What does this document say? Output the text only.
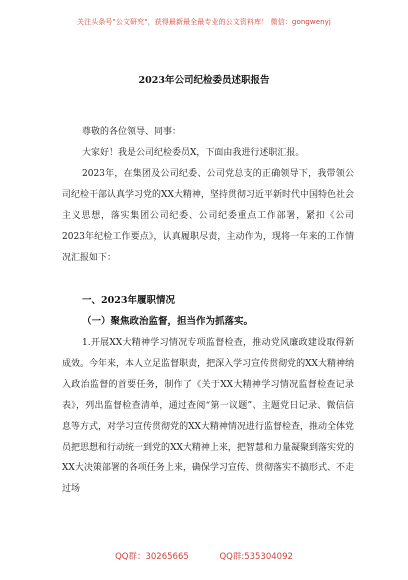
关注头条号"公文研究"，获得最新最全最专业的公文资料库！ 微信：gongwenyj
2023年公司纪检委员述职报告

尊敬的各位领导、同事：

大家好！我是公司纪检委员X，下面由我进行述职汇报。

2023年，在集团及公司纪委、公司党总支的正确领导下，我带领公司纪检干部认真学习党的XX大精神，坚持贯彻习近平新时代中国特色社会主义思想，落实集团公司纪委、公司纪委重点工作部署，紧扣《公司2023年纪检工作要点》，认真履职尽责，主动作为，现将一年来的工作情况汇报如下：

一、2023年履职情况
（一）聚焦政治监督，担当作为抓落实。

1.开展XX大精神学习情况专项监督检查，推动党风廉政建设取得新成效。今年来，本人立足监督职责，把深入学习宣传贯彻党的XX大精神纳入政治监督的首要任务，制作了《关于XX大精神学习情况监督检查记录表》，列出监督检查清单，通过查阅“第一议题”、主题党日记录、微信信息等方式，对学习宣传贯彻党的XX大精神情况进行监督检查，推动全体党员把思想和行动统一到党的XX大精神上来，把智慧和力量凝聚到落实党的XX大决策部署的各项任务上来，确保学习宣传、贯彻落实不搞形式、不走过场

QQ群：30265665	QQ群:535304092
